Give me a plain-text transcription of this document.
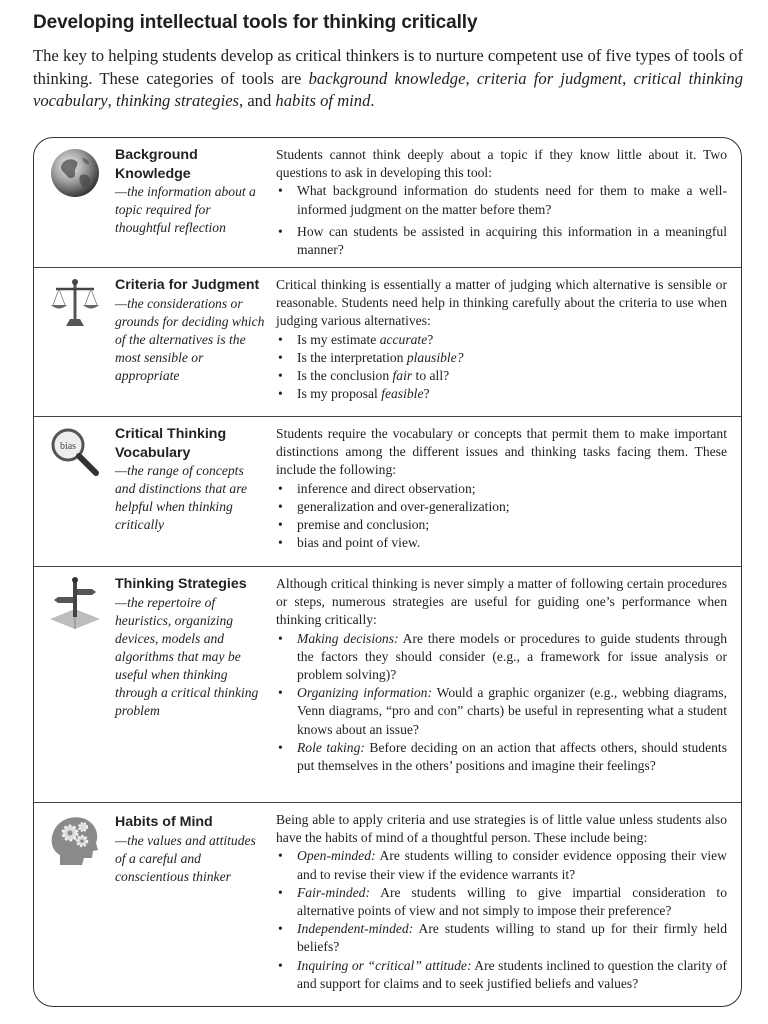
Developing intellectual tools for thinking critically

The key to helping students develop as critical thinkers is to nurture competent use of five types of tools of thinking. These categories of tools are background knowledge, criteria for judgment, critical thinking vocabulary, thinking strategies, and habits of mind.

Background Knowledge
—the information about a topic required for thoughtful reflection

Students cannot think deeply about a topic if they know little about it. Two questions to ask in developing this tool:

• What background information do students need for them to make a well-informed judgment on the matter before them?
• How can students be assisted in acquiring this information in a meaningful manner?
Criteria for Judgment
—the considerations or grounds for deciding which of the alternatives is the most sensible or appropriate

Critical thinking is essentially a matter of judging which alternative is sensible or reasonable. Students need help in thinking carefully about the criteria to use when judging various alternatives:

• Is my estimate accurate?
• Is the interpretation plausible?
• Is the conclusion fair to all?
• Is my proposal feasible?
bias
Critical Thinking Vocabulary
—the range of concepts and distinctions that are helpful when thinking critically

Students require the vocabulary or concepts that permit them to make important distinctions among the different issues and thinking tasks facing them. These include the following:

• inference and direct observation;
• generalization and over-generalization;
• premise and conclusion;
• bias and point of view.
Thinking Strategies
—the repertoire of heuristics, organizing devices, models and algorithms that may be useful when thinking through a critical thinking problem

Although critical thinking is never simply a matter of following certain procedures or steps, numerous strategies are useful for guiding one’s performance when thinking critically:

• Making decisions: Are there models or procedures to guide students through the factors they should consider (e.g., a framework for issue analysis or problem solving)?
• Organizing information: Would a graphic organizer (e.g., webbing diagrams, Venn diagrams, “pro and con” charts) be useful in representing what a student knows about an issue?
• Role taking: Before deciding on an action that affects others, should students put themselves in the others’ positions and imagine their feelings?
Habits of Mind
—the values and attitudes of a careful and conscientious thinker

Being able to apply criteria and use strategies is of little value unless students also have the habits of mind of a thoughtful person. These include being:

• Open-minded: Are students willing to consider evidence opposing their view and to revise their view if the evidence warrants it?
• Fair-minded: Are students willing to give impartial consideration to alternative points of view and not simply to impose their preference?
• Independent-minded: Are students willing to stand up for their firmly held beliefs?
• Inquiring or “critical” attitude: Are students inclined to question the clarity of and support for claims and to seek justified beliefs and values?
